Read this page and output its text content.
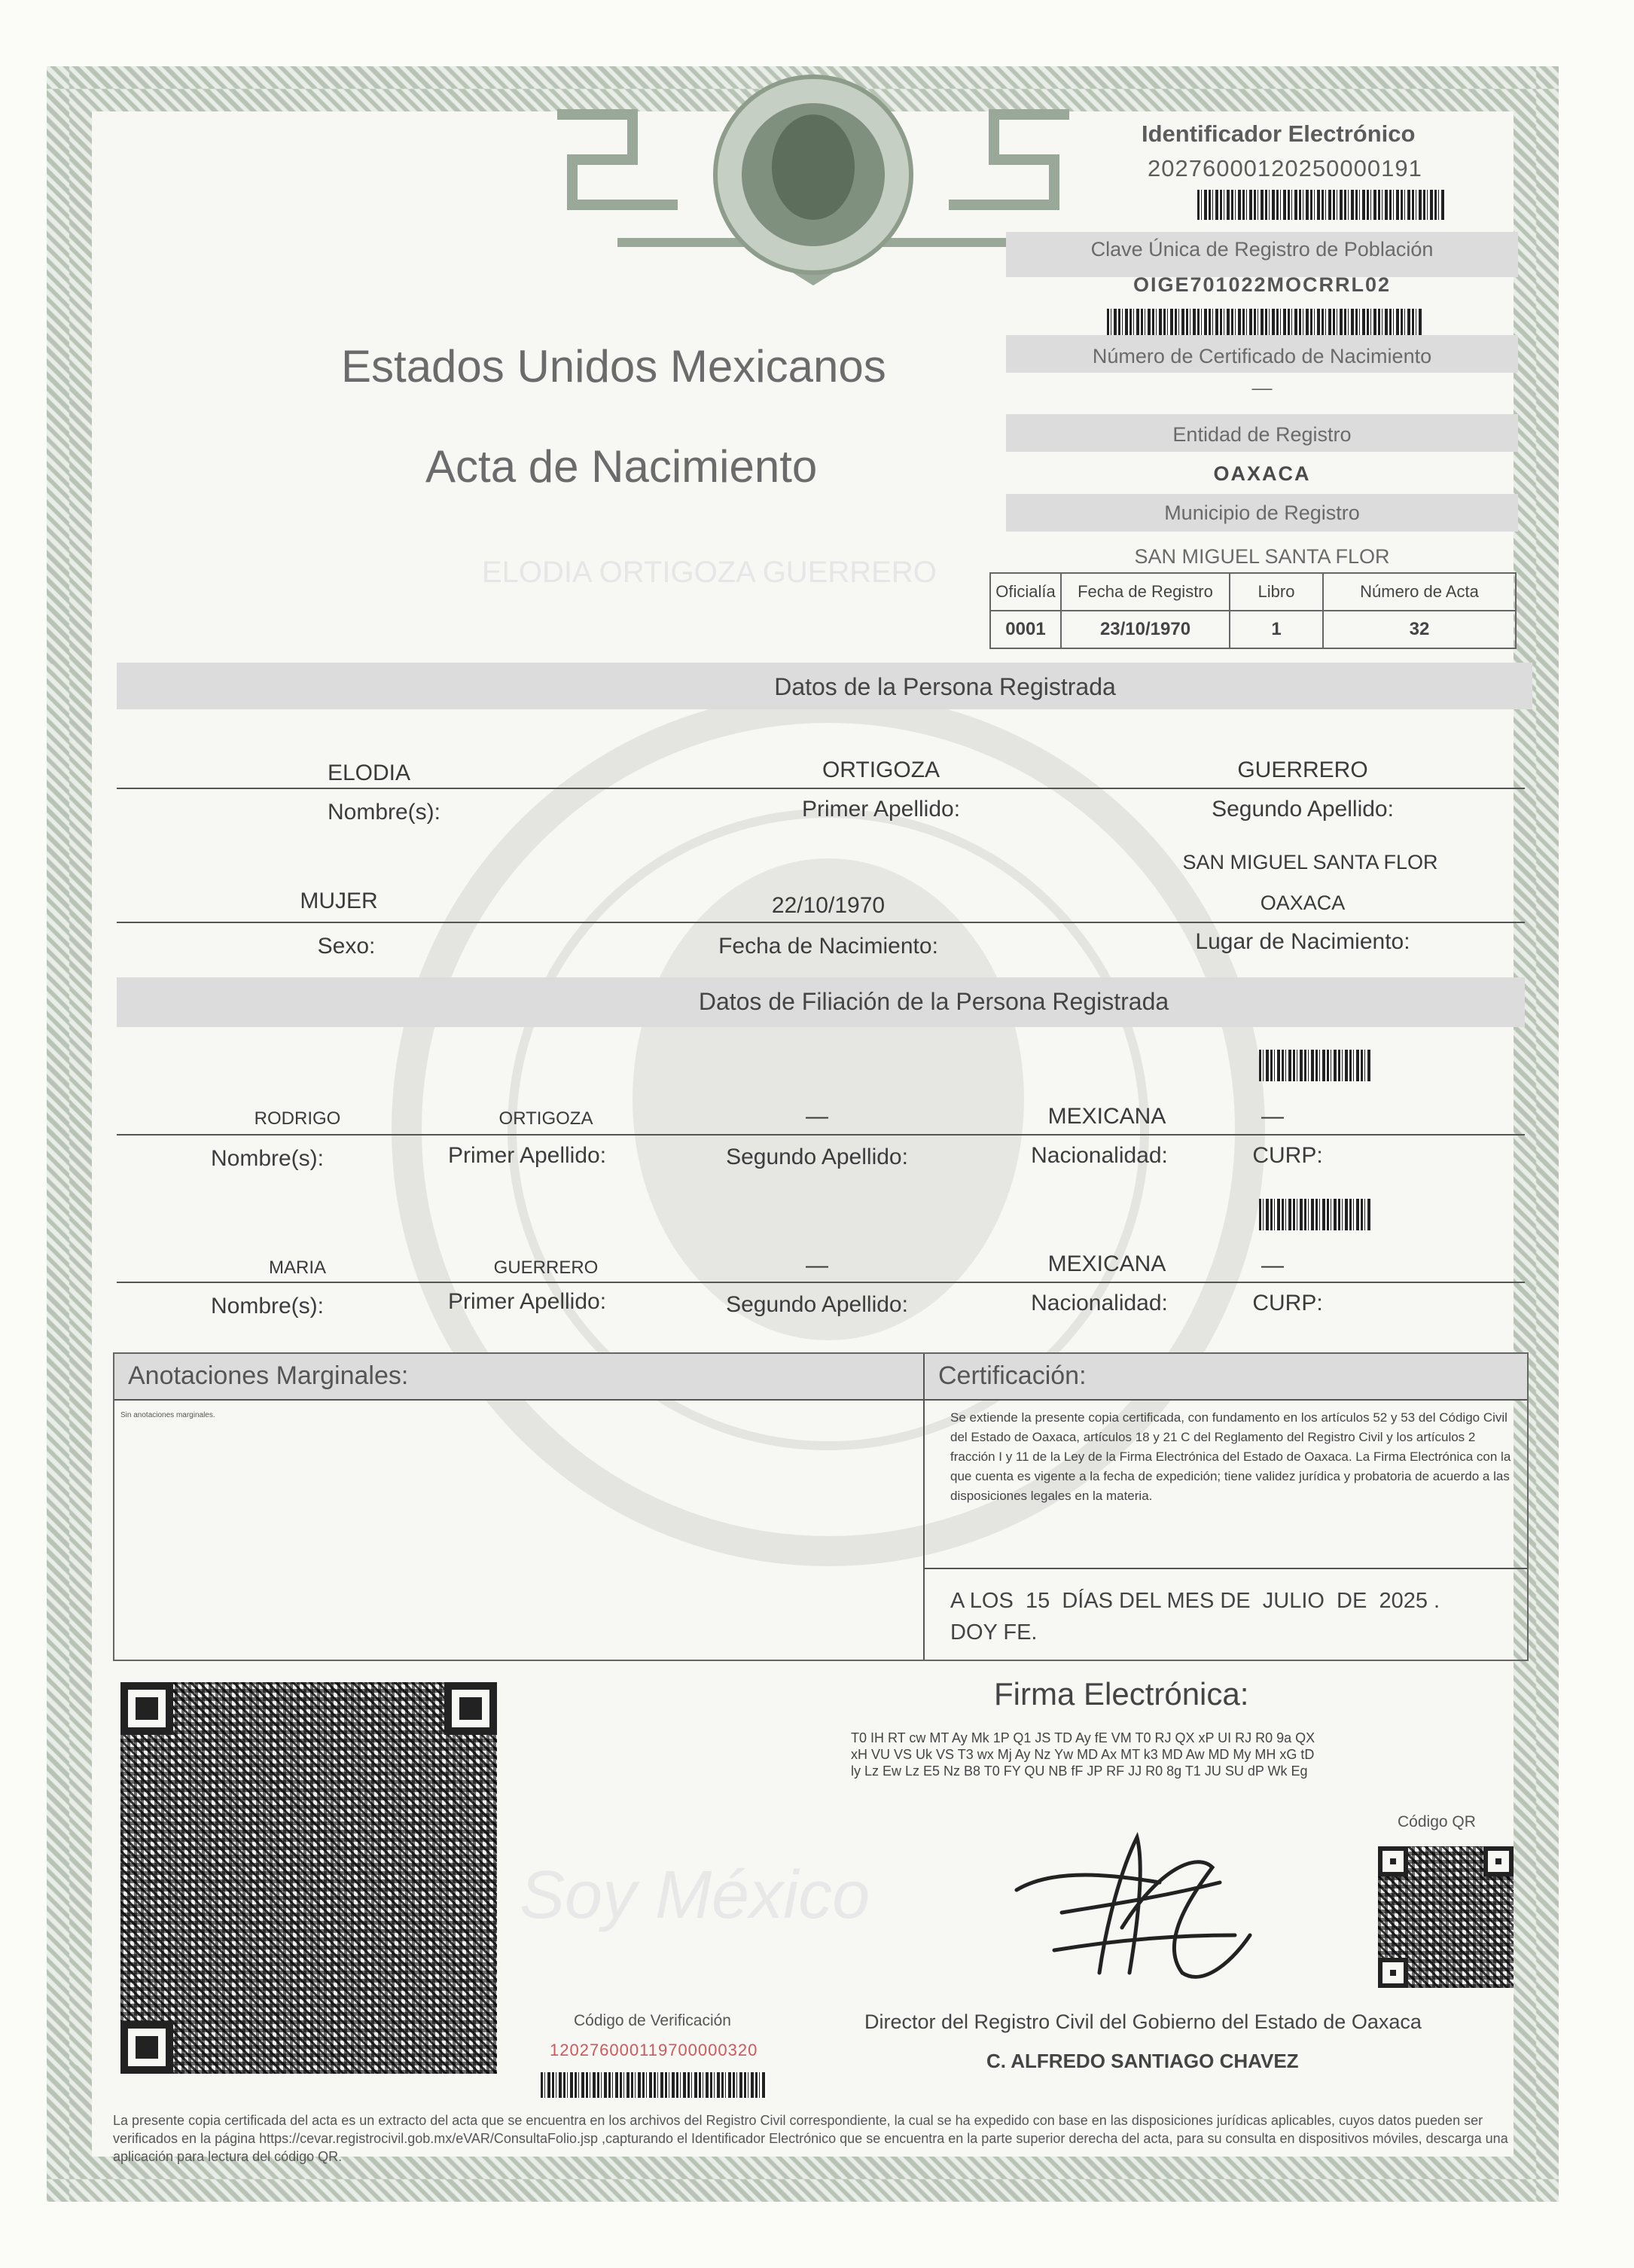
Estados Unidos Mexicanos
Acta de Nacimiento
ELODIA ORTIGOZA GUERRERO
Identificador Electrónico
20276000120250000191
Clave Única de Registro de Población
OIGE701022MOCRRL02
Número de Certificado de Nacimiento
—
Entidad de Registro
OAXACA
Municipio de Registro
SAN MIGUEL SANTA FLOR
Oficialía	Fecha de Registro	Libro	Número de Acta
0001	23/10/1970	1	32
Datos de la Persona Registrada
ELODIA	ORTIGOZA	GUERRERO
Nombre(s):	Primer Apellido:	Segundo Apellido:
SAN MIGUEL SANTA FLOR
MUJER	22/10/1970	OAXACA
Sexo:	Fecha de Nacimiento:	Lugar de Nacimiento:
Datos de Filiación de la Persona Registrada
RODRIGO	ORTIGOZA	—	MEXICANA	—
Nombre(s):	Primer Apellido:	Segundo Apellido:	Nacionalidad:	CURP:
MARIA	GUERRERO	—	MEXICANA	—
Nombre(s):	Primer Apellido:	Segundo Apellido:	Nacionalidad:	CURP:
Anotaciones Marginales:
Sin anotaciones marginales.
Certificación:
Se extiende la presente copia certificada, con fundamento en los artículos 52 y 53 del Código Civil del Estado de Oaxaca, artículos 18 y 21 C del Reglamento del Registro Civil y los artículos 2 fracción I y 11 de la Ley de la Firma Electrónica del Estado de Oaxaca. La Firma Electrónica con la que cuenta es vigente a la fecha de expedición; tiene validez jurídica y probatoria de acuerdo a las disposiciones legales en la materia.
A LOS  15  DÍAS DEL MES DE  JULIO  DE  2025 .
DOY FE.
Soy México
Código de Verificación
120276000119700000320
Firma Electrónica:
T0 IH RT cw MT Ay Mk 1P Q1 JS TD Ay fE VM T0 RJ QX xP UI RJ R0 9a QX
xH VU VS Uk VS T3 wx Mj Ay Nz Yw MD Ax MT k3 MD Aw MD My MH xG tD
ly Lz Ew Lz E5 Nz B8 T0 FY QU NB fF JP RF JJ R0 8g T1 JU SU dP Wk Eg
Código QR
Director del Registro Civil del Gobierno del Estado de Oaxaca
C. ALFREDO SANTIAGO CHAVEZ
La presente copia certificada del acta es un extracto del acta que se encuentra en los archivos del Registro Civil correspondiente, la cual se ha expedido con base en las disposiciones jurídicas aplicables, cuyos datos pueden ser verificados en la página https://cevar.registrocivil.gob.mx/eVAR/ConsultaFolio.jsp ,capturando el Identificador Electrónico que se encuentra en la parte superior derecha del acta, para su consulta en dispositivos móviles, descarga una aplicación para lectura del código QR.
